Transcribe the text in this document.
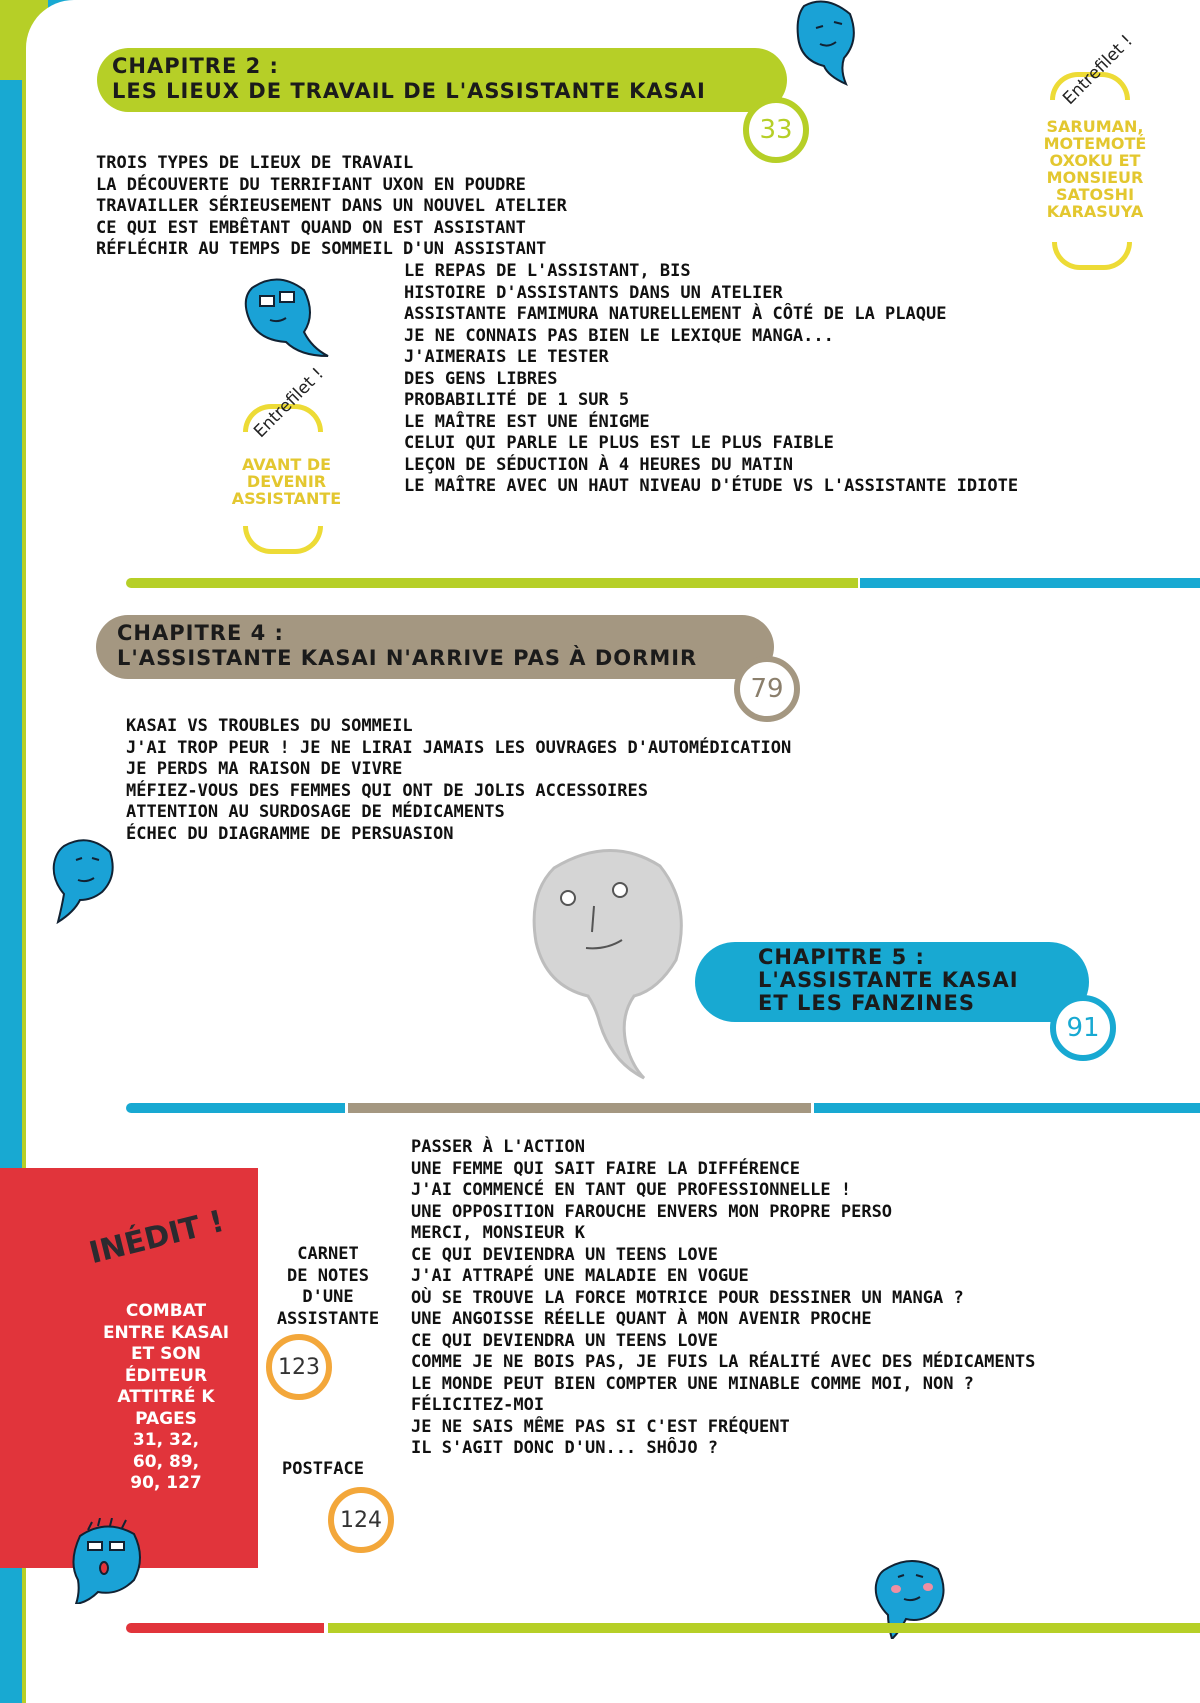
CHAPITRE 2 :
LES LIEUX DE TRAVAIL DE L'ASSISTANTE KASAI
33
TROIS TYPES DE LIEUX DE TRAVAIL
LA DÉCOUVERTE DU TERRIFIANT UXON EN POUDRE
TRAVAILLER SÉRIEUSEMENT DANS UN NOUVEL ATELIER
CE QUI EST EMBÊTANT QUAND ON EST ASSISTANT
RÉFLÉCHIR AU TEMPS DE SOMMEIL D'UN ASSISTANT
LE REPAS DE L'ASSISTANT, BIS
HISTOIRE D'ASSISTANTS DANS UN ATELIER
ASSISTANTE FAMIMURA NATURELLEMENT À CÔTÉ DE LA PLAQUE
JE NE CONNAIS PAS BIEN LE LEXIQUE MANGA...
J'AIMERAIS LE TESTER
DES GENS LIBRES
PROBABILITÉ DE 1 SUR 5
LE MAÎTRE EST UNE ÉNIGME
CELUI QUI PARLE LE PLUS EST LE PLUS FAIBLE
LEÇON DE SÉDUCTION À 4 HEURES DU MATIN
LE MAÎTRE AVEC UN HAUT NIVEAU D'ÉTUDE VS L'ASSISTANTE IDIOTE
Entrefilet !
SARUMAN,
MOTEMOTÉ
OXOKU ET
MONSIEUR
SATOSHI
KARASUYA
Entrefilet !
AVANT DE
DEVENIR
ASSISTANTE
CHAPITRE 4 :
L'ASSISTANTE KASAI N'ARRIVE PAS À DORMIR
79
KASAI VS TROUBLES DU SOMMEIL
J'AI TROP PEUR ! JE NE LIRAI JAMAIS LES OUVRAGES D'AUTOMÉDICATION
JE PERDS MA RAISON DE VIVRE
MÉFIEZ-VOUS DES FEMMES QUI ONT DE JOLIS ACCESSOIRES
ATTENTION AU SURDOSAGE DE MÉDICAMENTS
ÉCHEC DU DIAGRAMME DE PERSUASION
CHAPITRE 5 :
L'ASSISTANTE KASAI
ET LES FANZINES
91
INÉDIT !
COMBAT
ENTRE KASAI
ET SON
ÉDITEUR
ATTITRÉ K
PAGES
31, 32,
60, 89,
90, 127
CARNET
DE NOTES
D'UNE
ASSISTANTE
123
POSTFACE
124
PASSER À L'ACTION
UNE FEMME QUI SAIT FAIRE LA DIFFÉRENCE
J'AI COMMENCÉ EN TANT QUE PROFESSIONNELLE !
UNE OPPOSITION FAROUCHE ENVERS MON PROPRE PERSO
MERCI, MONSIEUR K
CE QUI DEVIENDRA UN TEENS LOVE
J'AI ATTRAPÉ UNE MALADIE EN VOGUE
OÙ SE TROUVE LA FORCE MOTRICE POUR DESSINER UN MANGA ?
UNE ANGOISSE RÉELLE QUANT À MON AVENIR PROCHE
CE QUI DEVIENDRA UN TEENS LOVE
COMME JE NE BOIS PAS, JE FUIS LA RÉALITÉ AVEC DES MÉDICAMENTS
LE MONDE PEUT BIEN COMPTER UNE MINABLE COMME MOI, NON ?
FÉLICITEZ-MOI
JE NE SAIS MÊME PAS SI C'EST FRÉQUENT
IL S'AGIT DONC D'UN... SHÔJO ?
